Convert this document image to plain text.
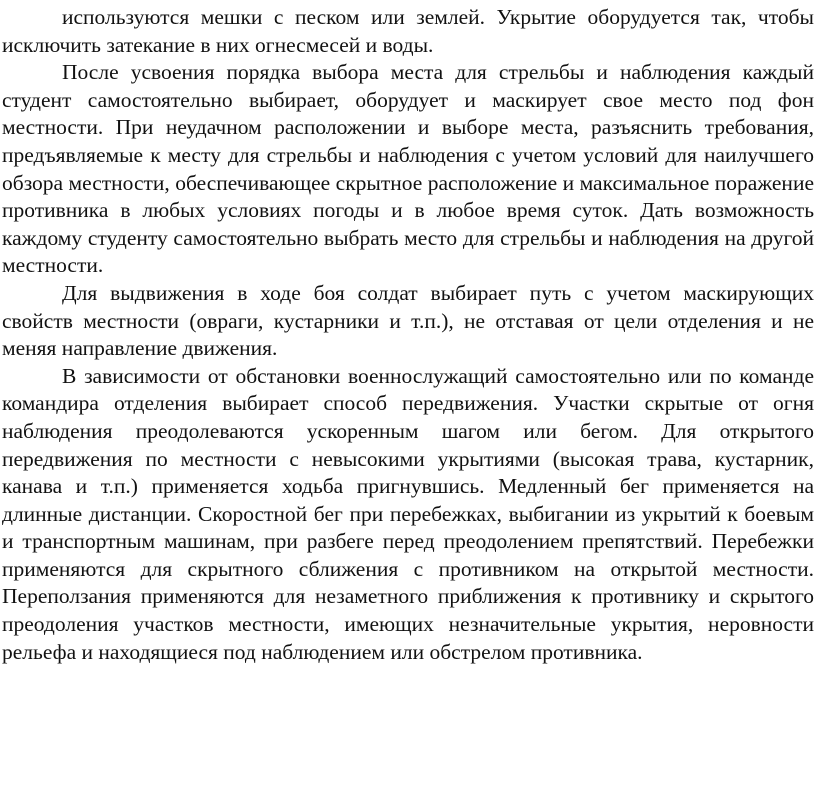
используются мешки с песком или землей. Укрытие оборудуется так, чтобы исключить затекание в них огнесмесей и воды.

После усвоения порядка выбора места для стрельбы и наблюдения каждый студент самостоятельно выбирает, оборудует и маскирует свое место под фон местности. При неудачном расположении и выборе места, разъяснить требования, предъявляемые к месту для стрельбы и наблюдения с учетом условий для наилучшего обзора местности, обеспечивающее скрытное расположение и максимальное поражение противника в любых условиях погоды и в любое время суток. Дать возможность каждому студенту самостоятельно выбрать место для стрельбы и наблюдения на другой местности.

Для выдвижения в ходе боя солдат выбирает путь с учетом маскирующих свойств местности (овраги, кустарники и т.п.), не отставая от цели отделения и не меняя направление движения.

В зависимости от обстановки военнослужащий самостоятельно или по команде командира отделения выбирает способ передвижения. Участки скрытые от огня наблюдения преодолеваются ускоренным шагом или бегом. Для открытого передвижения по местности с невысокими укрытиями (высокая трава, кустарник, канава и т.п.) применяется ходьба пригнувшись. Медленный бег применяется на длинные дистанции. Скоростной бег при перебежках, выбигании из укрытий к боевым и транспортным машинам, при разбеге перед преодолением препятствий. Перебежки применяются для скрытного сближения с противником на открытой местности. Переползания применяются для незаметного приближения к противнику и скрытого преодоления участков местности, имеющих незначительные укрытия, неровности рельефа и находящиеся под наблюдением или обстрелом противника.
